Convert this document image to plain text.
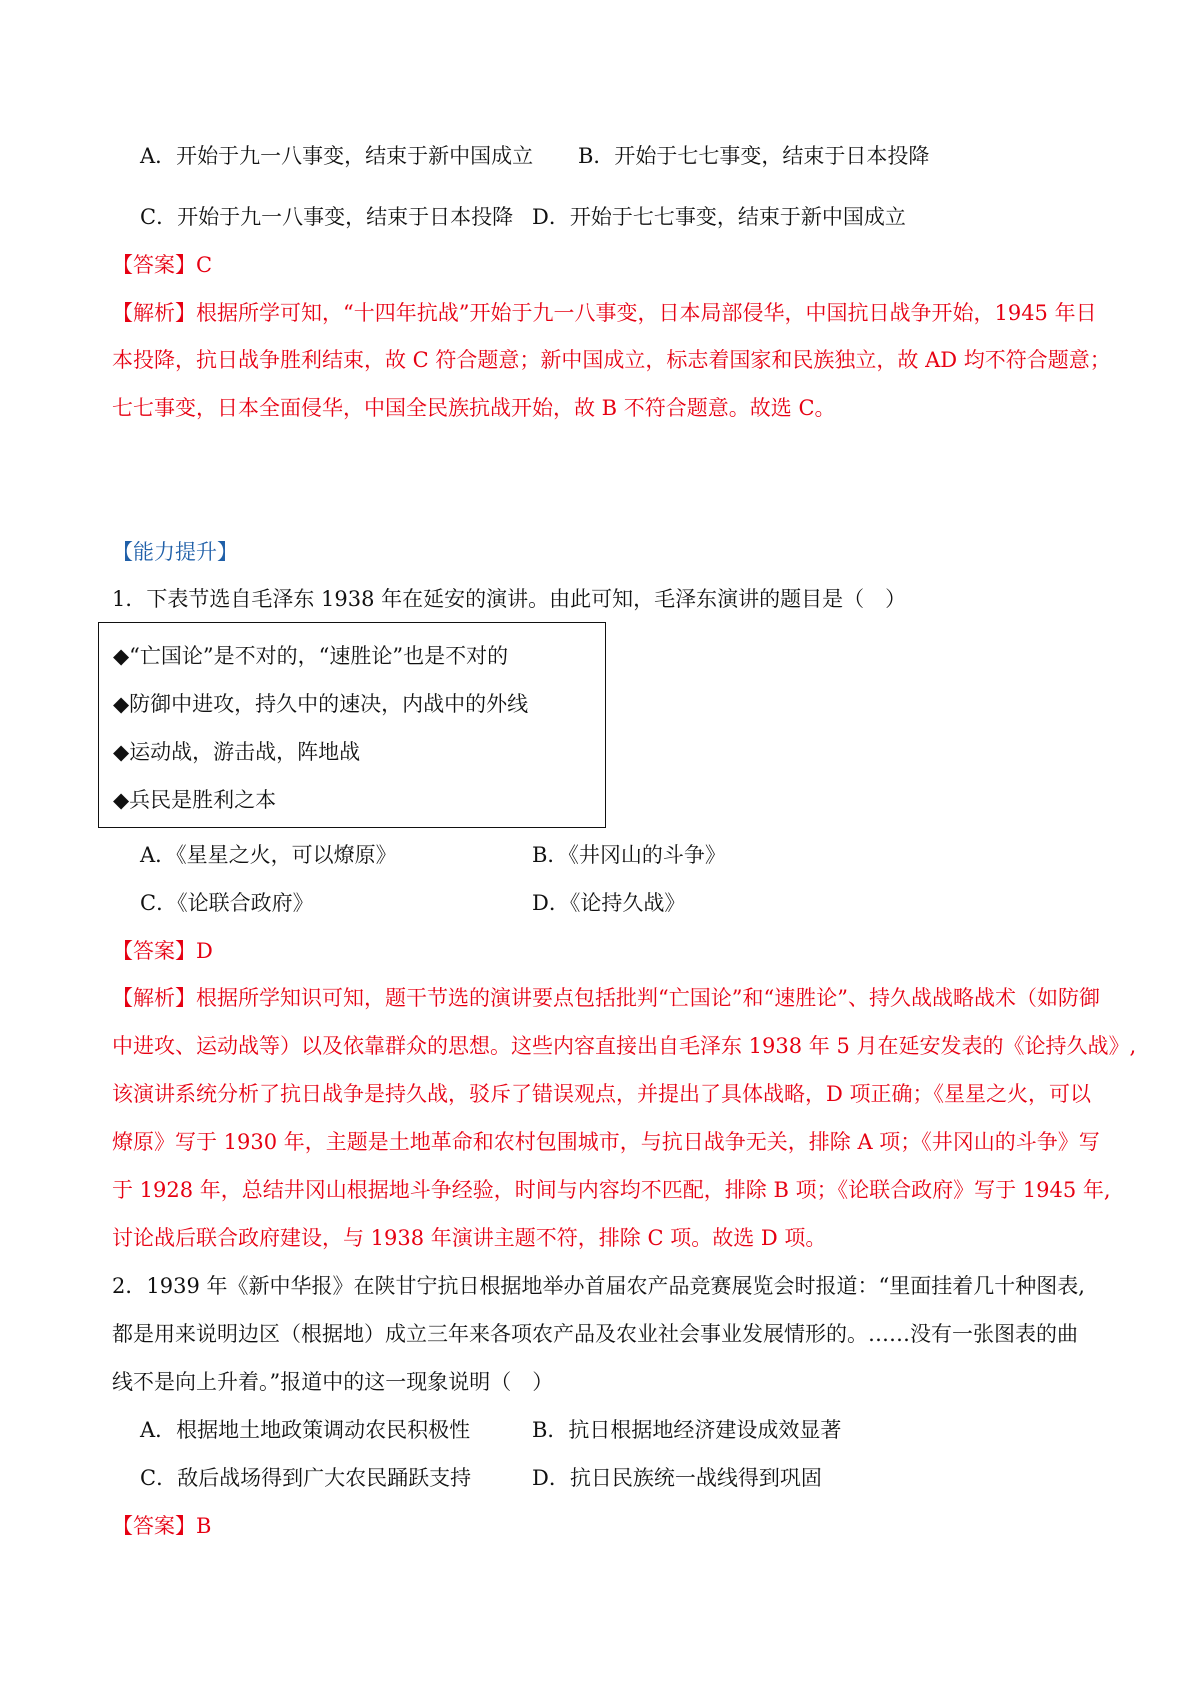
A．开始于九一八事变，结束于新中国成立 B．开始于七七事变，结束于日本投降
C．开始于九一八事变，结束于日本投降 D．开始于七七事变，结束于新中国成立
【答案】C
【解析】根据所学可知，“十四年抗战”开始于九一八事变，日本局部侵华，中国抗日战争开始，1945 年日
本投降，抗日战争胜利结束，故 C 符合题意；新中国成立，标志着国家和民族独立，故 AD 均不符合题意；
七七事变，日本全面侵华，中国全民族抗战开始，故 B 不符合题意。故选 C。
【能力提升】
1．下表节选自毛泽东 1938 年在延安的演讲。由此可知，毛泽东演讲的题目是（　）
◆“亡国论”是不对的，“速胜论”也是不对的
◆防御中进攻，持久中的速决，内战中的外线
◆运动战，游击战，阵地战
◆兵民是胜利之本
A．《星星之火，可以燎原》	B．《井冈山的斗争》
C．《论联合政府》	D．《论持久战》
【答案】D
【解析】根据所学知识可知，题干节选的演讲要点包括批判“亡国论”和“速胜论”、持久战战略战术（如防御
中进攻、运动战等）以及依靠群众的思想。这些内容直接出自毛泽东 1938 年 5 月在延安发表的《论持久战》,
该演讲系统分析了抗日战争是持久战，驳斥了错误观点，并提出了具体战略，D 项正确；《星星之火，可以
燎原》写于 1930 年，主题是土地革命和农村包围城市，与抗日战争无关，排除 A 项；《井冈山的斗争》写
于 1928 年，总结井冈山根据地斗争经验，时间与内容均不匹配，排除 B 项；《论联合政府》写于 1945 年,
讨论战后联合政府建设，与 1938 年演讲主题不符，排除 C 项。故选 D 项。
2．1939 年《新中华报》在陕甘宁抗日根据地举办首届农产品竞赛展览会时报道：“里面挂着几十种图表,
都是用来说明边区（根据地）成立三年来各项农产品及农业社会事业发展情形的。……没有一张图表的曲
线不是向上升着。”报道中的这一现象说明（　）
A．根据地土地政策调动农民积极性	B．抗日根据地经济建设成效显著
C．敌后战场得到广大农民踊跃支持	D．抗日民族统一战线得到巩固
【答案】B
